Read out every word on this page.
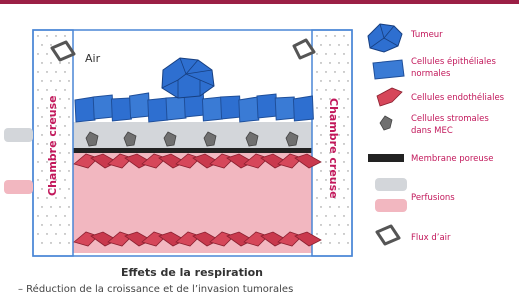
Air
Chambre creuse	Chambre creuse
Effets de la respiration
– Réduction de la croissance et de l’invasion tumorales
Tumeur
Cellules épithéliales
normales
Cellules endothéliales
Cellules stromales
dans MEC
Membrane poreuse
Perfusions
Flux d’air
